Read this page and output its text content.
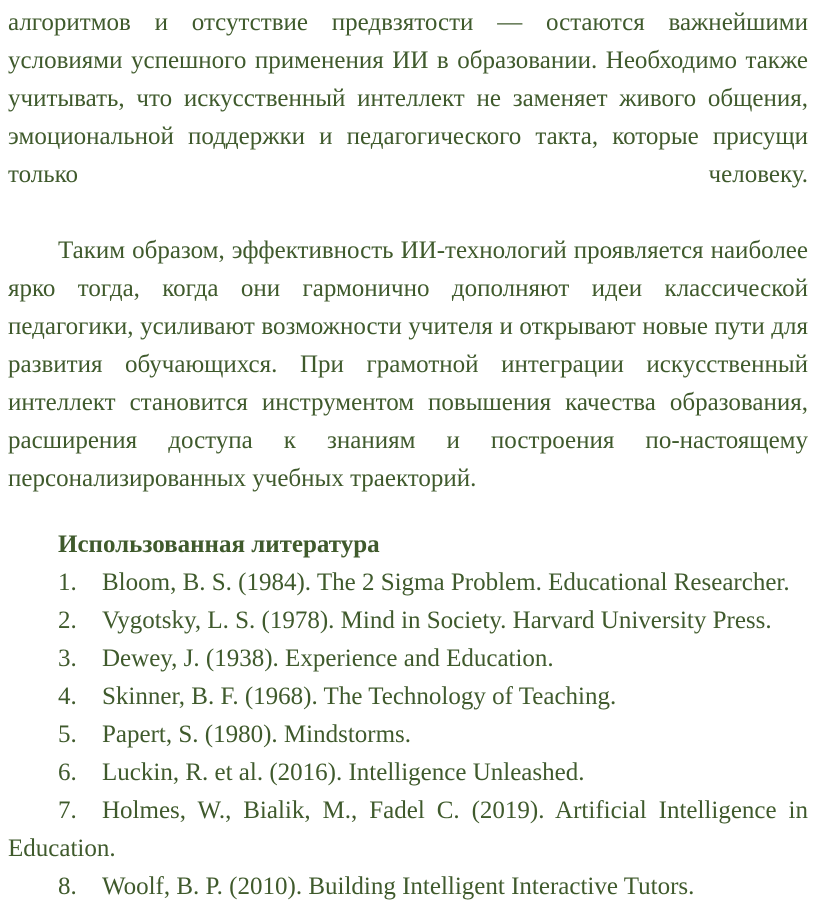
алгоритмов и отсутствие предвзятости — остаются важнейшими условиями успешного применения ИИ в образовании. Необходимо также учитывать, что искусственный интеллект не заменяет живого общения, эмоциональной поддержки и педагогического такта, которые присущи только человеку.

Таким образом, эффективность ИИ-технологий проявляется наиболее ярко тогда, когда они гармонично дополняют идеи классической педагогики, усиливают возможности учителя и открывают новые пути для развития обучающихся. При грамотной интеграции искусственный интеллект становится инструментом повышения качества образования, расширения доступа к знаниям и построения по-настоящему персонализированных учебных траекторий.

Использованная литература
Bloom, B. S. (1984). The 2 Sigma Problem. Educational Researcher.
Vygotsky, L. S. (1978). Mind in Society. Harvard University Press.
Dewey, J. (1938). Experience and Education.
Skinner, B. F. (1968). The Technology of Teaching.
Papert, S. (1980). Mindstorms.
Luckin, R. et al. (2016). Intelligence Unleashed.
Holmes, W., Bialik, M., Fadel C. (2019). Artificial Intelligence in Education.
Woolf, B. P. (2010). Building Intelligent Interactive Tutors.
